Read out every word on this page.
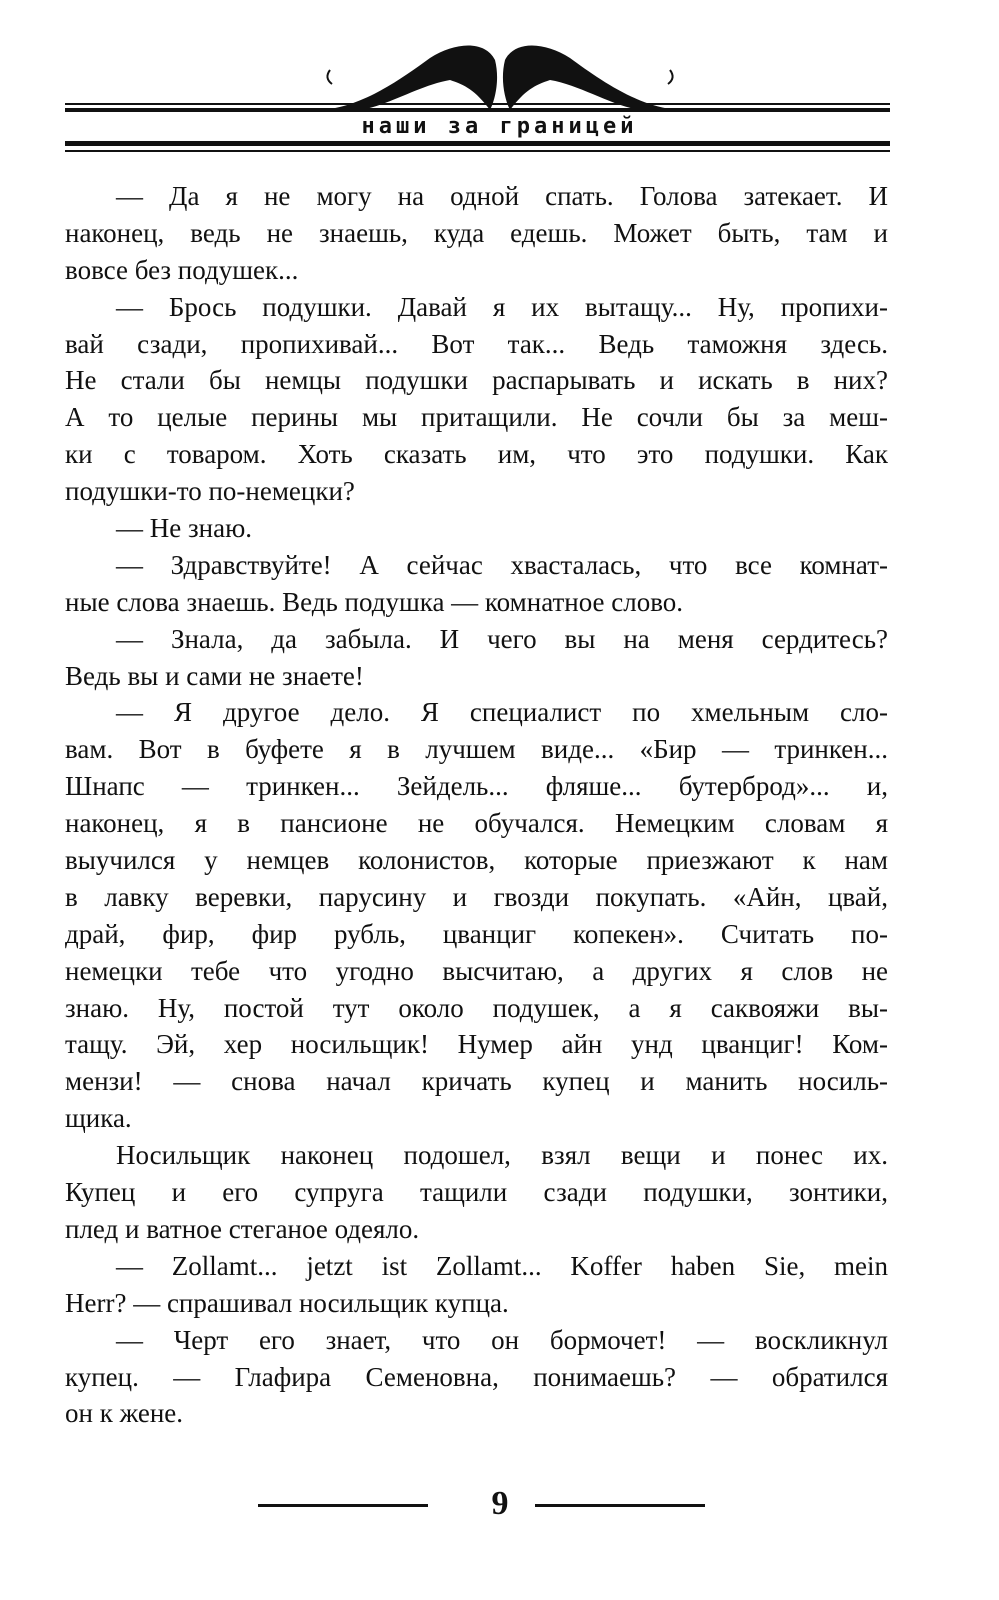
наши за границей
— Да я не могу на одной спать. Голова затекает. И
наконец, ведь не знаешь, куда едешь. Может быть, там и
вовсе без подушек...
— Брось подушки. Давай я их вытащу... Ну, пропихи-
вай сзади, пропихивай... Вот так... Ведь таможня здесь.
Не стали бы немцы подушки распарывать и искать в них?
А то целые перины мы притащили. Не сочли бы за меш-
ки с товаром. Хоть сказать им, что это подушки. Как
подушки-то по-немецки?
— Не знаю.
— Здравствуйте! А сейчас хвасталась, что все комнат-
ные слова знаешь. Ведь подушка — комнатное слово.
— Знала, да забыла. И чего вы на меня сердитесь?
Ведь вы и сами не знаете!
— Я другое дело. Я специалист по хмельным сло-
вам. Вот в буфете я в лучшем виде... «Бир — тринкен...
Шнапс — тринкен... Зейдель... фляше... бутерброд»... и,
наконец, я в пансионе не обучался. Немецким словам я
выучился у немцев колонистов, которые приезжают к нам
в лавку веревки, парусину и гвозди покупать. «Айн, цвай,
драй, фир, фир рубль, цванциг копекен». Считать по-
немецки тебе что угодно высчитаю, а других я слов не
знаю. Ну, постой тут около подушек, а я саквояжи вы-
тащу. Эй, хер носильщик! Нумер айн унд цванциг! Ком-
мензи! — снова начал кричать купец и манить носиль-
щика.
Носильщик наконец подошел, взял вещи и понес их.
Купец и его супруга тащили сзади подушки, зонтики,
плед и ватное стеганое одеяло.
— Zollamt... jetzt ist Zollamt... Koffer haben Sie, mein
Herr? — спрашивал носильщик купца.
— Черт его знает, что он бормочет! — воскликнул
купец. — Глафира Семеновна, понимаешь? — обратился
он к жене.
9
